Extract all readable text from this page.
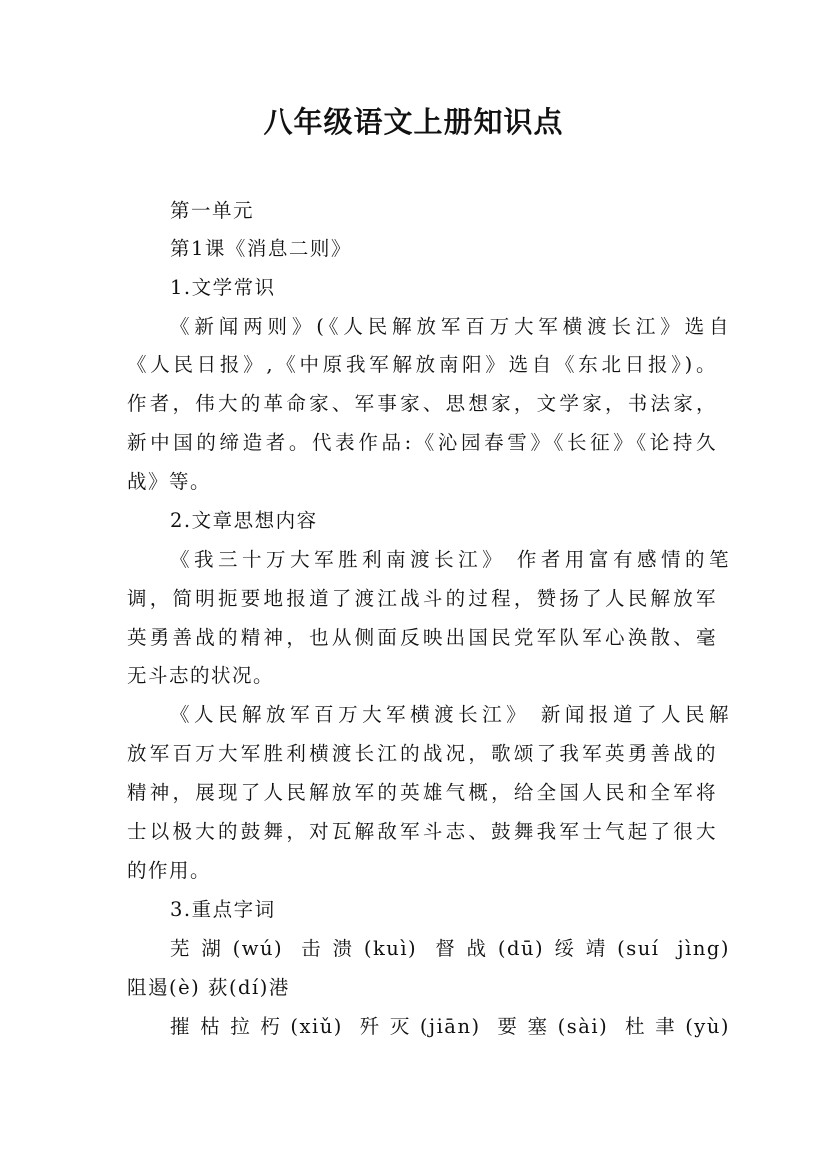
八年级语文上册知识点
第一单元
第1课《消息二则》
1.文学常识
《新闻两则》(《人民解放军百万大军横渡长江》选自
《人民日报》,《中原我军解放南阳》选自《东北日报》)。
作者，伟大的革命家、军事家、思想家，文学家，书法家，
新中国的缔造者。代表作品:《沁园春雪》《长征》《论持久
战》等。
2.文章思想内容
《我三十万大军胜利南渡长江》 作者用富有感情的笔
调，简明扼要地报道了渡江战斗的过程，赞扬了人民解放军
英勇善战的精神，也从侧面反映出国民党军队军心涣散、毫
无斗志的状况。
《人民解放军百万大军横渡长江》 新闻报道了人民解
放军百万大军胜利横渡长江的战况，歌颂了我军英勇善战的
精神，展现了人民解放军的英雄气概，给全国人民和全军将
士以极大的鼓舞，对瓦解敌军斗志、鼓舞我军士气起了很大
的作用。
3.重点字词
芜湖(wú) 击溃(kuì) 督战(dū)绥靖(suí jìng)
阻遏(è) 荻(dí)港
摧枯拉朽(xiǔ) 歼灭(jiān) 要塞(sài) 杜聿(yù)
